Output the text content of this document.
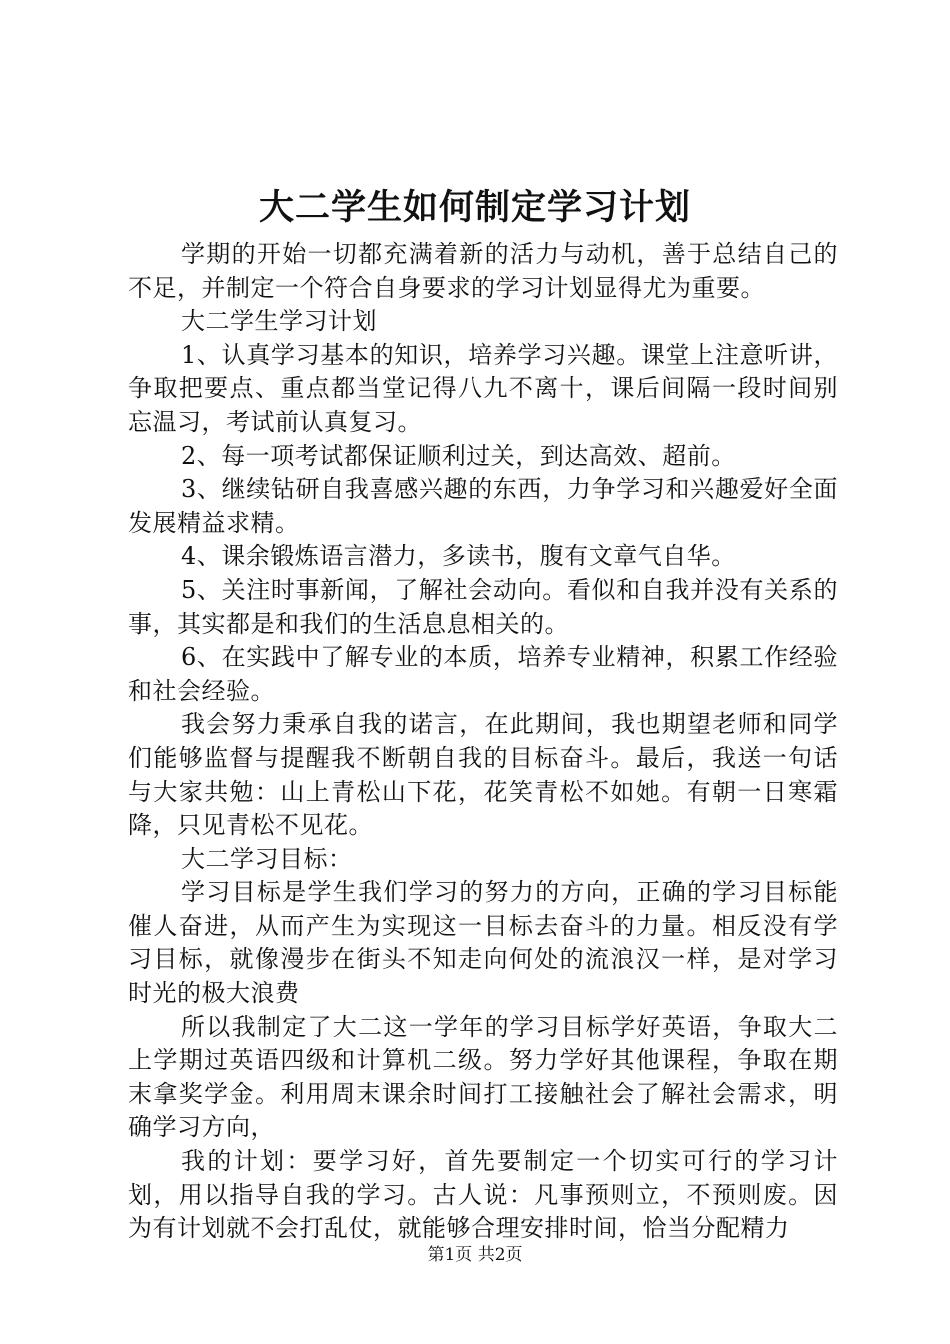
大二学生如何制定学习计划

学期的开始一切都充满着新的活力与动机，善于总结自己的不足，并制定一个符合自身要求的学习计划显得尤为重要。

大二学生学习计划

1、认真学习基本的知识，培养学习兴趣。课堂上注意听讲，争取把要点、重点都当堂记得八九不离十，课后间隔一段时间别忘温习，考试前认真复习。

2、每一项考试都保证顺利过关，到达高效、超前。

3、继续钻研自我喜感兴趣的东西，力争学习和兴趣爱好全面发展精益求精。

4、课余锻炼语言潜力，多读书，腹有文章气自华。

5、关注时事新闻，了解社会动向。看似和自我并没有关系的事，其实都是和我们的生活息息相关的。

6、在实践中了解专业的本质，培养专业精神，积累工作经验和社会经验。

我会努力秉承自我的诺言，在此期间，我也期望老师和同学们能够监督与提醒我不断朝自我的目标奋斗。最后，我送一句话与大家共勉：山上青松山下花，花笑青松不如她。有朝一日寒霜降，只见青松不见花。

大二学习目标：

学习目标是学生我们学习的努力的方向，正确的学习目标能催人奋进，从而产生为实现这一目标去奋斗的力量。相反没有学习目标，就像漫步在街头不知走向何处的流浪汉一样，是对学习时光的极大浪费

所以我制定了大二这一学年的学习目标学好英语，争取大二上学期过英语四级和计算机二级。努力学好其他课程，争取在期末拿奖学金。利用周末课余时间打工接触社会了解社会需求，明确学习方向，

我的计划：要学习好，首先要制定一个切实可行的学习计划，用以指导自我的学习。古人说：凡事预则立，不预则废。因为有计划就不会打乱仗，就能够合理安排时间，恰当分配精力

第1页 共2页
